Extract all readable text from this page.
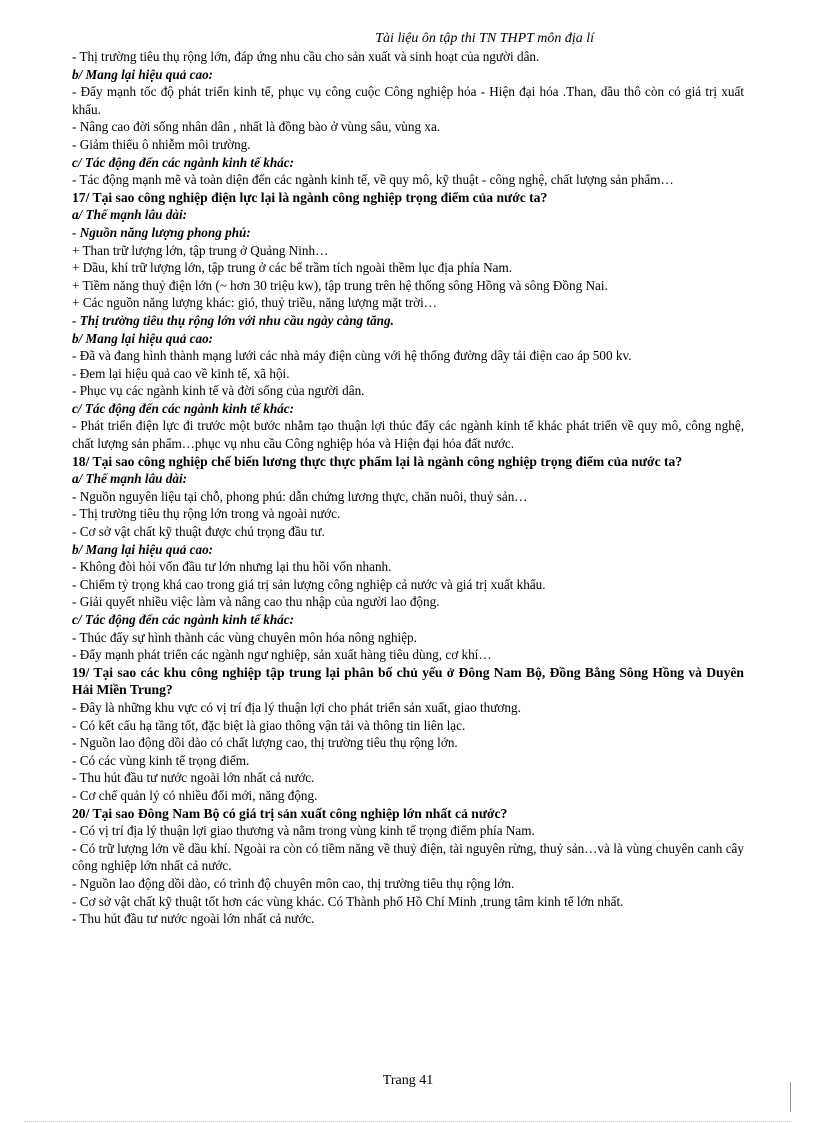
Tài liệu ôn tập thi TN THPT môn địa lí
- Thị trường tiêu thụ rộng lớn, đáp ứng nhu cầu cho sản xuất và sinh hoạt của người dân.
b/ Mang lại hiệu quả cao:
- Đẩy mạnh tốc độ phát triển kinh tế, phục vụ công cuộc Công nghiệp hóa - Hiện đại hóa .Than, dầu thô còn có giá trị xuất khẩu.
- Nâng cao đời sống nhân dân , nhất là đồng bào ở vùng sâu, vùng xa.
- Giảm thiểu ô nhiễm môi trường.
c/ Tác động đến các ngành kinh tế khác:
- Tác động mạnh mẽ và toàn diện đến các ngành kinh tế, về quy mô, kỹ thuật - công nghệ, chất lượng sản phẩm…
17/ Tại sao công nghiệp điện lực lại là ngành công nghiệp trọng điểm của nước ta?
a/ Thế mạnh lâu dài:
- Nguồn năng lượng phong phú:
+ Than trữ lượng lớn, tập trung ở Quảng Ninh…
+ Dầu, khí trữ lượng lớn, tập trung ở các bể trầm tích ngoài thềm lục địa phía Nam.
+ Tiềm năng thuỷ điện lớn (~ hơn 30 triệu kw), tập trung trên hệ thống sông Hồng và sông Đồng Nai.
+ Các nguồn năng lượng khác: gió, thuỷ triều, năng lượng mặt trời…
- Thị trường tiêu thụ rộng lớn với nhu cầu ngày càng tăng.
b/ Mang lại hiệu quả cao:
- Đã và đang hình thành mạng lưới các nhà máy điện cùng với hệ thống đường dây tải điện cao áp 500 kv.
- Đem lại hiệu quả cao về kinh tế, xã hội.
- Phục vụ các ngành kinh tế và đời sống của người dân.
c/ Tác động đến các ngành kinh tế khác:
- Phát triển điện lực đi trước một bước nhằm tạo thuận lợi thúc đẩy các ngành kinh tế khác phát triển về quy mô, công nghệ, chất lượng sản phẩm…phục vụ nhu cầu Công nghiệp hóa và Hiện đại hóa đất nước.
18/ Tại sao công nghiệp chế biến lương thực thực phẩm lại là ngành công nghiệp trọng điểm của nước ta?
a/ Thế mạnh lâu dài:
- Nguồn nguyên liệu tại chỗ, phong phú: dẫn chứng lương thực, chăn nuôi, thuỷ sản…
- Thị trường tiêu thụ rộng lớn trong và ngoài nước.
- Cơ sở vật chất kỹ thuật được chú trọng đầu tư.
b/ Mang lại hiệu quả cao:
- Không đòi hỏi vốn đầu tư lớn nhưng lại thu hồi vốn nhanh.
- Chiếm tỷ trọng khá cao trong giá trị sản lượng công nghiệp cả nước và giá trị xuất khẩu.
- Giải quyết nhiều việc làm và nâng cao thu nhập của người lao động.
c/ Tác động đến các ngành kinh tế khác:
- Thúc đẩy sự hình thành các vùng chuyên môn hóa nông nghiệp.
- Đẩy mạnh phát triển các ngành ngư nghiệp, sản xuất hàng tiêu dùng, cơ khí…
19/ Tại sao các khu công nghiệp tập trung lại phân bố chủ yếu ở Đông Nam Bộ, Đồng Bằng Sông Hồng và Duyên Hải Miền Trung?
- Đây là những khu vực có vị trí địa lý thuận lợi cho phát triển sản xuất, giao thương.
- Có kết cấu hạ tầng tốt, đặc biệt là giao thông vận tải và thông tin liên lạc.
- Nguồn lao động dồi dào có chất lượng cao, thị trường tiêu thụ rộng lớn.
- Có các vùng kinh tế trọng điểm.
- Thu hút đầu tư nước ngoài lớn nhất cả nước.
- Cơ chế quản lý có nhiều đổi mới, năng động.
20/ Tại sao Đông Nam Bộ có giá trị sản xuất công nghiệp lớn nhất cả nước?
- Có vị trí địa lý thuận lợi giao thương và nằm trong vùng kinh tế trọng điểm phía Nam.
- Có trữ lượng lớn về dầu khí. Ngoài ra còn có tiềm năng về thuỷ điện, tài nguyên rừng, thuỷ sản…và là vùng chuyên canh cây công nghiệp lớn nhất cả nước.
- Nguồn lao động dồi dào, có trình độ chuyên môn cao, thị trường tiêu thụ rộng lớn.
- Cơ sở vật chất kỹ thuật tốt hơn các vùng khác. Có Thành phố Hồ Chí Minh ,trung tâm kinh tế lớn nhất.
- Thu hút đầu tư nước ngoài lớn nhất cả nước.
Trang 41
